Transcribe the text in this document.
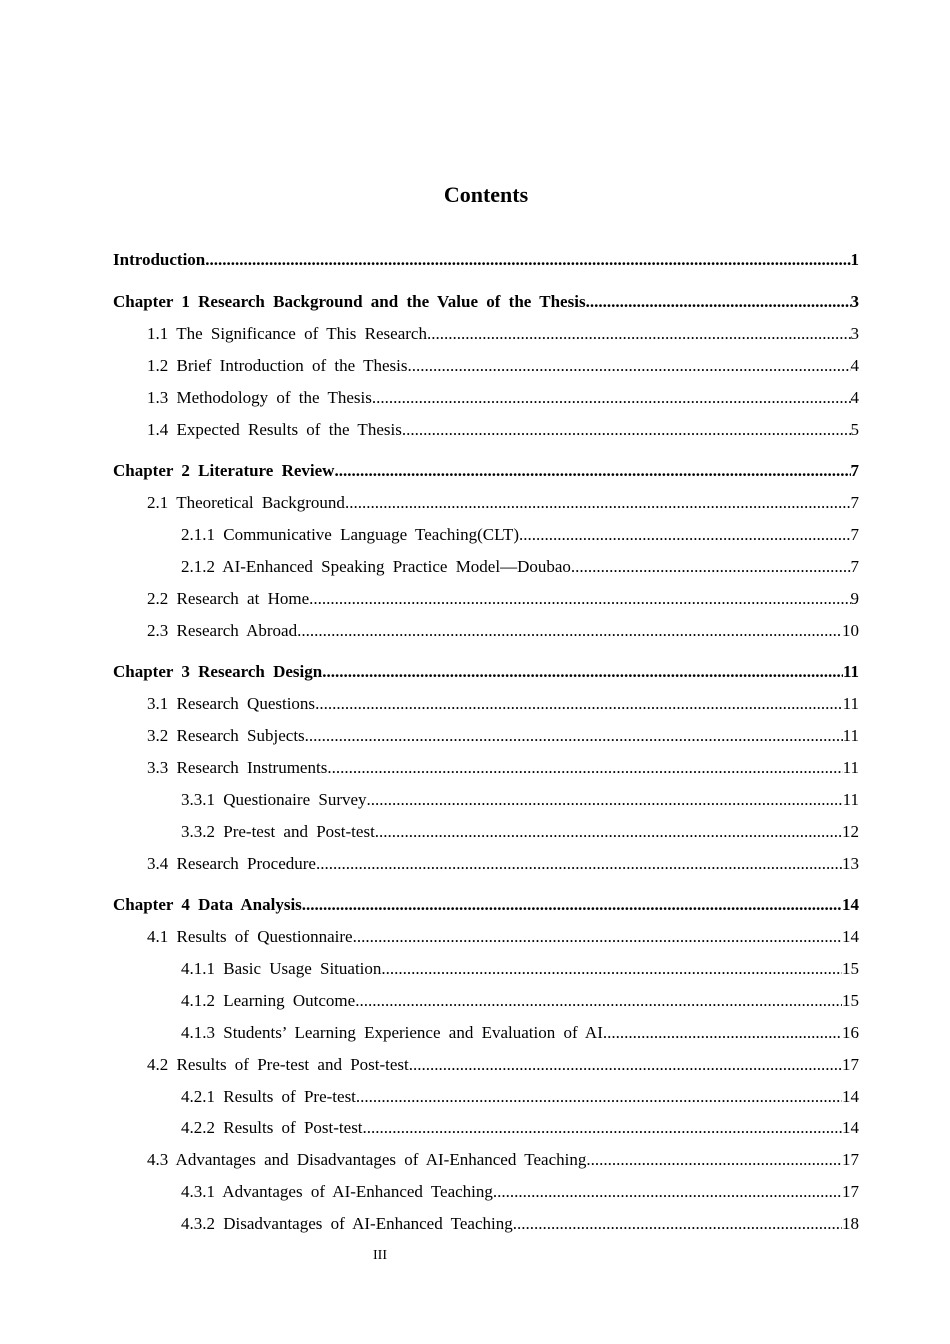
Contents
Introduction .....	1
Chapter 1 Research Background and the Value of the Thesis .....	3
1.1 The Significance of This Research .....	3
1.2 Brief Introduction of the Thesis .....	4
1.3 Methodology of the Thesis .....	4
1.4 Expected Results of the Thesis .....	5
Chapter 2 Literature Review .....	7
2.1 Theoretical Background .....	7
2.1.1 Communicative Language Teaching(CLT) .....	7
2.1.2 AI-Enhanced Speaking Practice Model—Doubao .....	7
2.2 Research at Home .....	9
2.3 Research Abroad .....	10
Chapter 3 Research Design .....	11
3.1 Research Questions .....	11
3.2 Research Subjects .....	11
3.3 Research Instruments .....	11
3.3.1 Questionaire Survey .....	11
3.3.2 Pre-test and Post-test .....	12
3.4 Research Procedure .....	13
Chapter 4 Data Analysis .....	14
4.1 Results of Questionnaire .....	14
4.1.1 Basic Usage Situation .....	15
4.1.2 Learning Outcome .....	15
4.1.3 Students’ Learning Experience and Evaluation of AI .....	16
4.2 Results of Pre-test and Post-test .....	17
4.2.1 Results of Pre-test .....	14
4.2.2 Results of Post-test .....	14
4.3 Advantages and Disadvantages of AI-Enhanced Teaching .....	17
4.3.1 Advantages of AI-Enhanced Teaching .....	17
4.3.2 Disadvantages of AI-Enhanced Teaching .....	18
III
